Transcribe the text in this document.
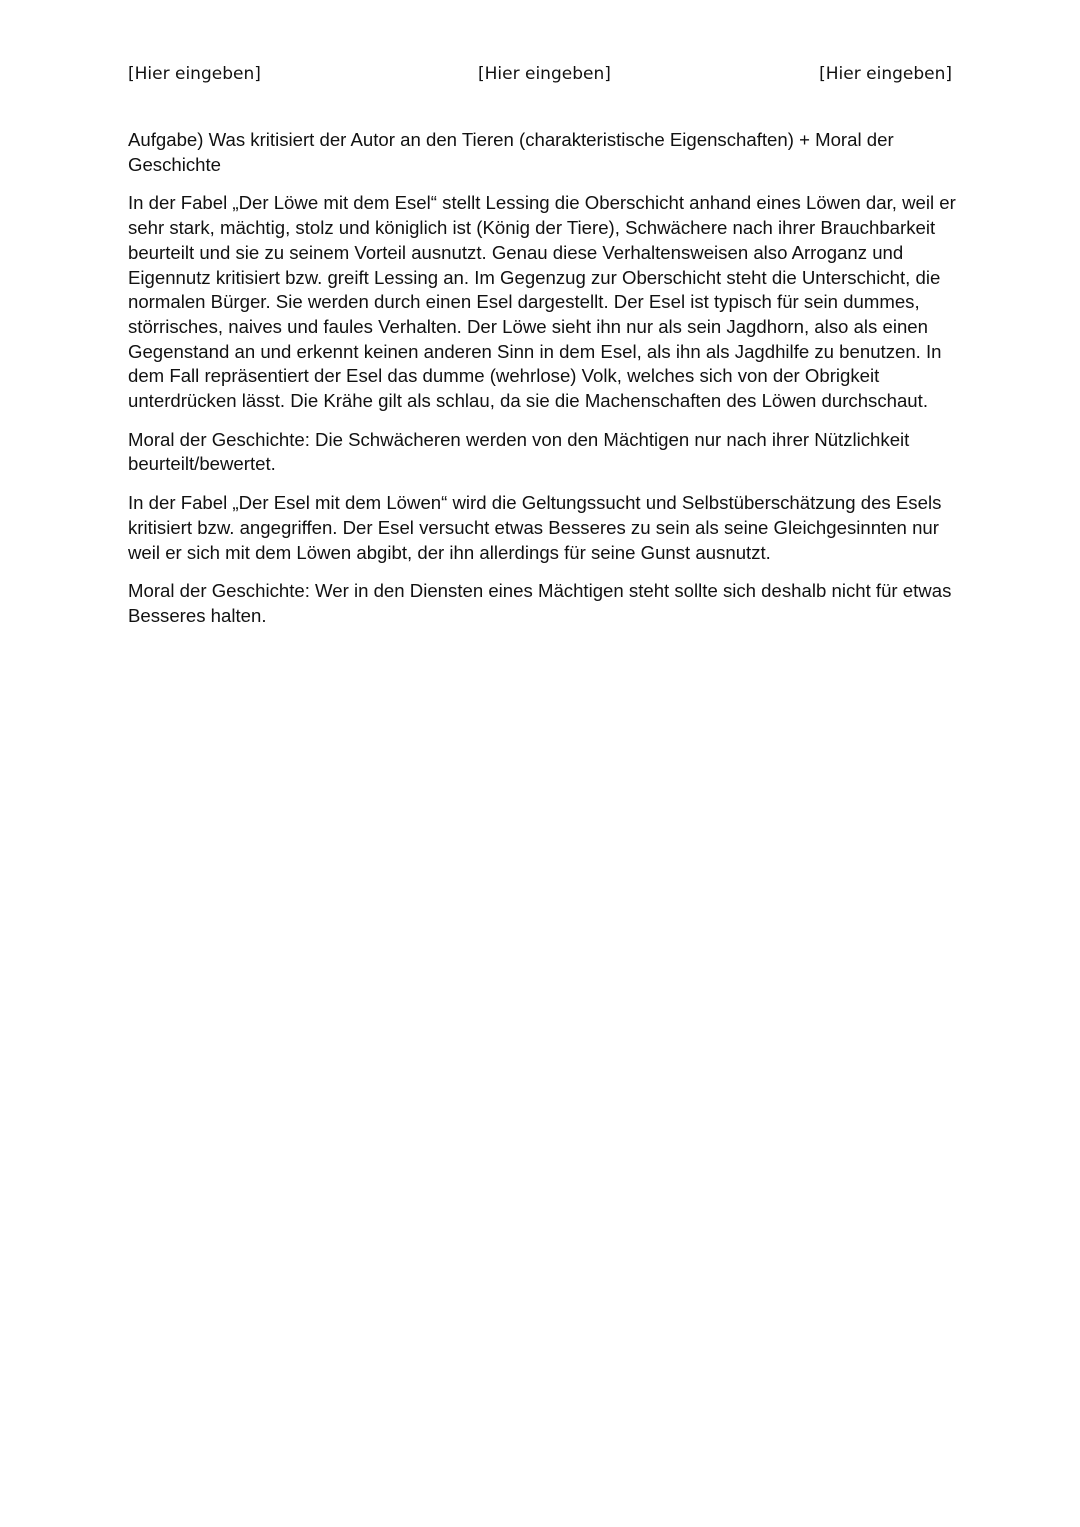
[Hier eingeben]	[Hier eingeben]	[Hier eingeben]

Aufgabe) Was kritisiert der Autor an den Tieren (charakteristische Eigenschaften) + Moral der Geschichte

In der Fabel „Der Löwe mit dem Esel“ stellt Lessing die Oberschicht anhand eines Löwen dar, weil er sehr stark, mächtig, stolz und königlich ist (König der Tiere), Schwächere nach ihrer Brauchbarkeit beurteilt und sie zu seinem Vorteil ausnutzt. Genau diese Verhaltensweisen also Arroganz und Eigennutz kritisiert bzw. greift Lessing an. Im Gegenzug zur Oberschicht steht die Unterschicht, die normalen Bürger. Sie werden durch einen Esel dargestellt. Der Esel ist typisch für sein dummes, störrisches, naives und faules Verhalten. Der Löwe sieht ihn nur als sein Jagdhorn, also als einen Gegenstand an und erkennt keinen anderen Sinn in dem Esel, als ihn als Jagdhilfe zu benutzen. In dem Fall repräsentiert der Esel das dumme (wehrlose) Volk, welches sich von der Obrigkeit unterdrücken lässt. Die Krähe gilt als schlau, da sie die Machenschaften des Löwen durchschaut.

Moral der Geschichte: Die Schwächeren werden von den Mächtigen nur nach ihrer Nützlichkeit beurteilt/bewertet.

In der Fabel „Der Esel mit dem Löwen“ wird die Geltungssucht und Selbstüberschätzung des Esels kritisiert bzw. angegriffen. Der Esel versucht etwas Besseres zu sein als seine Gleichgesinnten nur weil er sich mit dem Löwen abgibt, der ihn allerdings für seine Gunst ausnutzt.

Moral der Geschichte: Wer in den Diensten eines Mächtigen steht sollte sich deshalb nicht für etwas Besseres halten.
